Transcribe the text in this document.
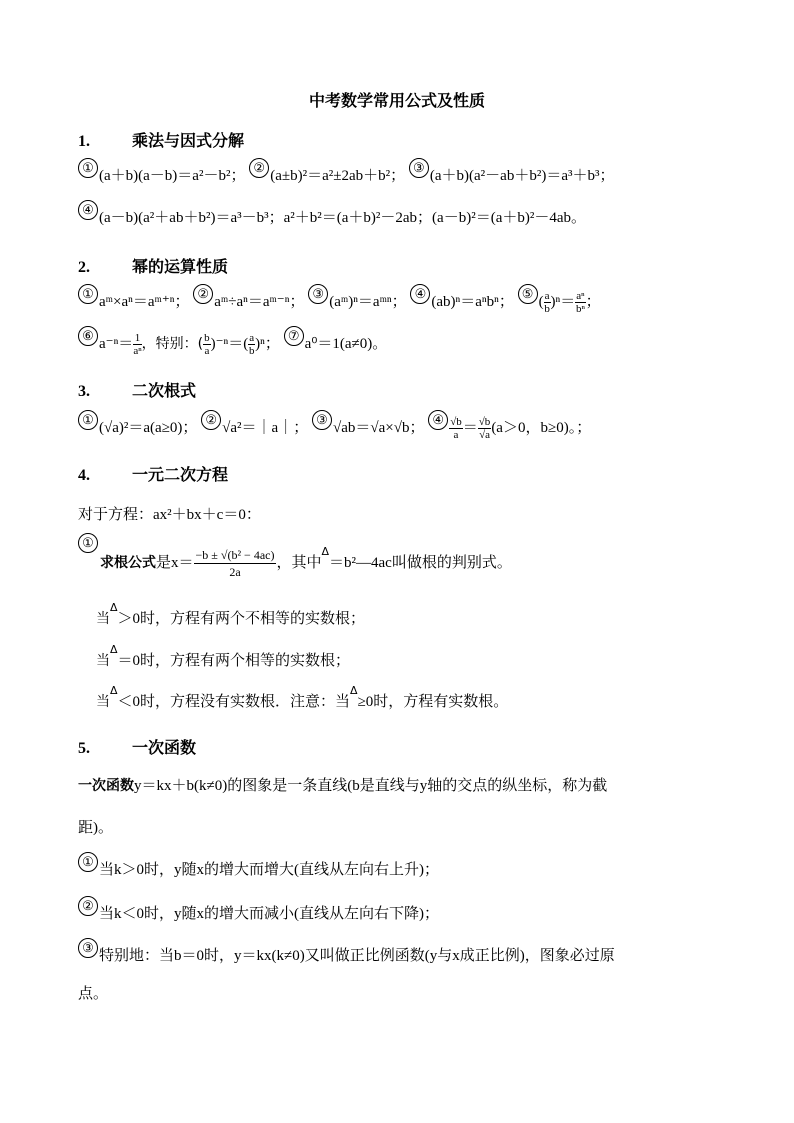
中考数学常用公式及性质
1.	乘法与因式分解
①(a＋b)(a－b)＝a²－b²； ②(a±b)²＝a²±2ab＋b²； ③(a＋b)(a²－ab＋b²)＝a³＋b³；
④(a－b)(a²＋ab＋b²)＝a³－b³；a²＋b²＝(a＋b)²－2ab；(a－b)²＝(a＋b)²－4ab。
2.	幂的运算性质
①aᵐ×aⁿ＝aᵐ⁺ⁿ； ②aᵐ÷aⁿ＝aᵐ⁻ⁿ； ③(aᵐ)ⁿ＝aᵐⁿ； ④(ab)ⁿ＝aⁿbⁿ； ⑤( $\frac{a}{b} )^n= \frac{\text{aⁿ}}{\text{bⁿ}}$ ；
⑥a⁻ⁿ＝ $\frac{1}{\text{aⁿ}}$ ，特别：( $\frac{b}{a} )^{-n}=( \frac{a}{b} )^n$； ⑦a⁰＝1(a≠0)。
3.	二次根式
①(√a)²＝a(a≥0)； ②√a²＝｜a｜； ③√ab＝√a×√b； ④ $\frac{√b}{a} = \frac{√b}{√a} (a>0$，b≥0)。；
4.	一元二次方程
对于方程：ax²＋bx＋c＝0：
①
求根公式是$x= \frac{\text{−b ± √(b² − 4ac)}}{2a}$，其中$^\Delta$＝b²—4ac叫做根的判别式。
当$^\Delta$＞0时，方程有两个不相等的实数根；
当$^\Delta$＝0时，方程有两个相等的实数根；
当$^\Delta$＜0时，方程没有实数根．注意：当$^\Delta$≥0时，方程有实数根。
5.	一次函数
一次函数y＝kx＋b(k≠0)的图象是一条直线(b是直线与y轴的交点的纵坐标，称为截
距)。
①当k＞0时，y随x的增大而增大(直线从左向右上升)；
②当k＜0时，y随x的增大而减小(直线从左向右下降)；
③特别地：当b＝0时，y＝kx(k≠0)又叫做正比例函数(y与x成正比例)，图象必过原
点。
